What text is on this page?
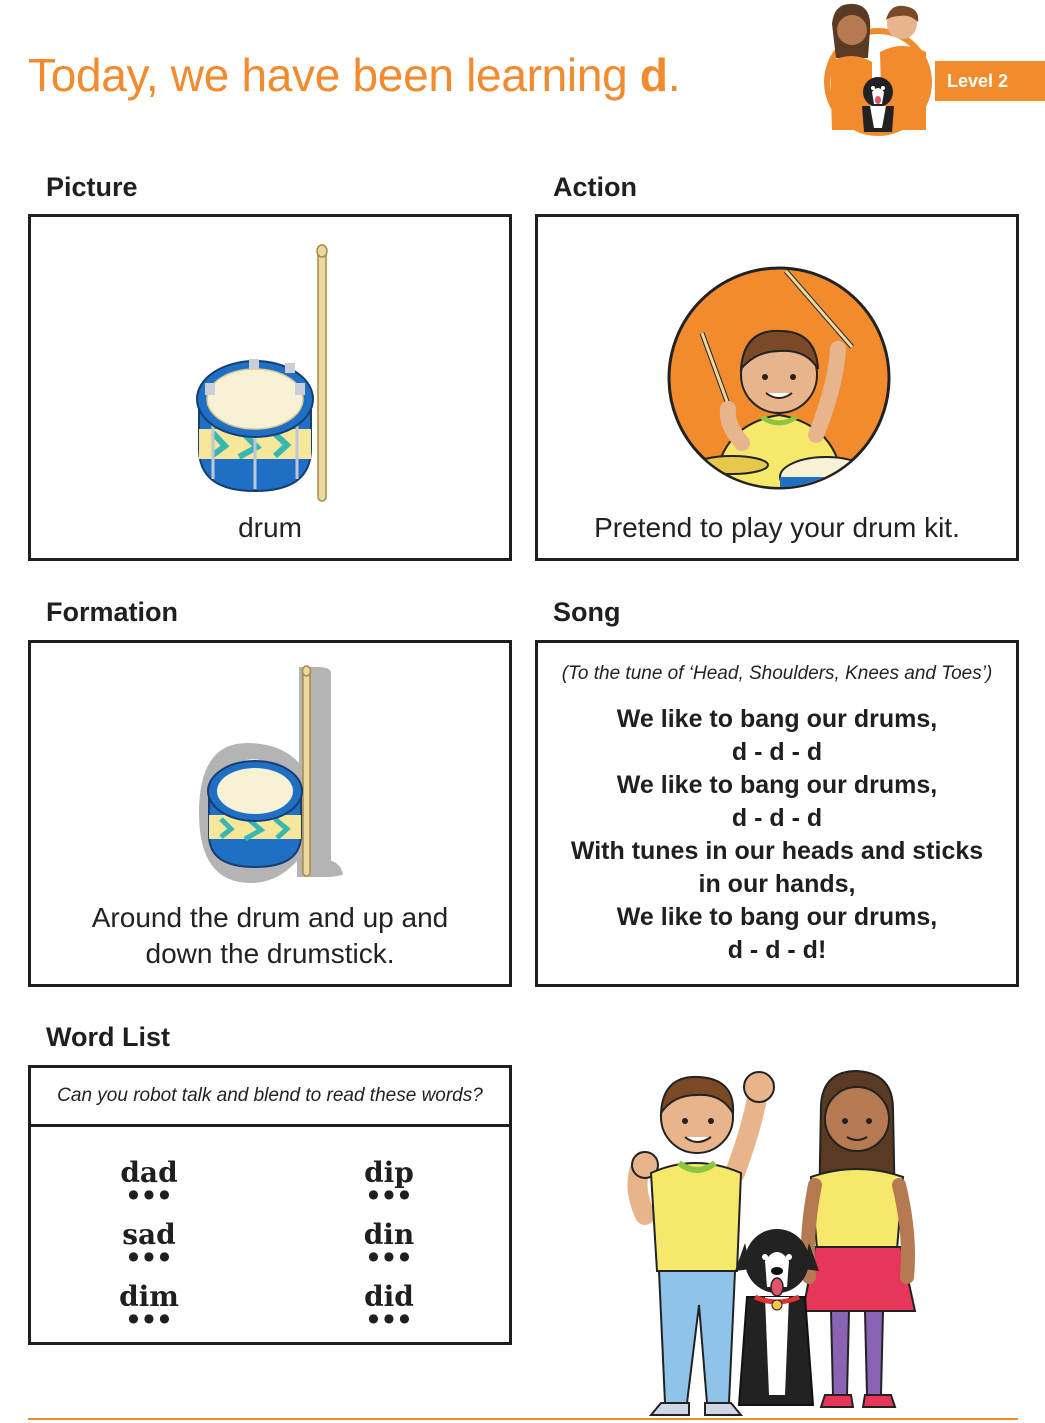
Today, we have been learning d.	Level 2
Picture
drum
Action
Pretend to play your drum kit.
Formation
Around the drum and up and
down the drumstick.
Song
(To the tune of ‘Head, Shoulders, Knees and Toes’)
We like to bang our drums,
d - d - d
We like to bang our drums,
d - d - d
With tunes in our heads and sticks
in our hands,
We like to bang our drums,
d - d - d!
Word List
Can you robot talk and blend to read these words?
dad
●●●
dip
●●●
sad
●●●
din
●●●
dim
●●●
did
●●●
